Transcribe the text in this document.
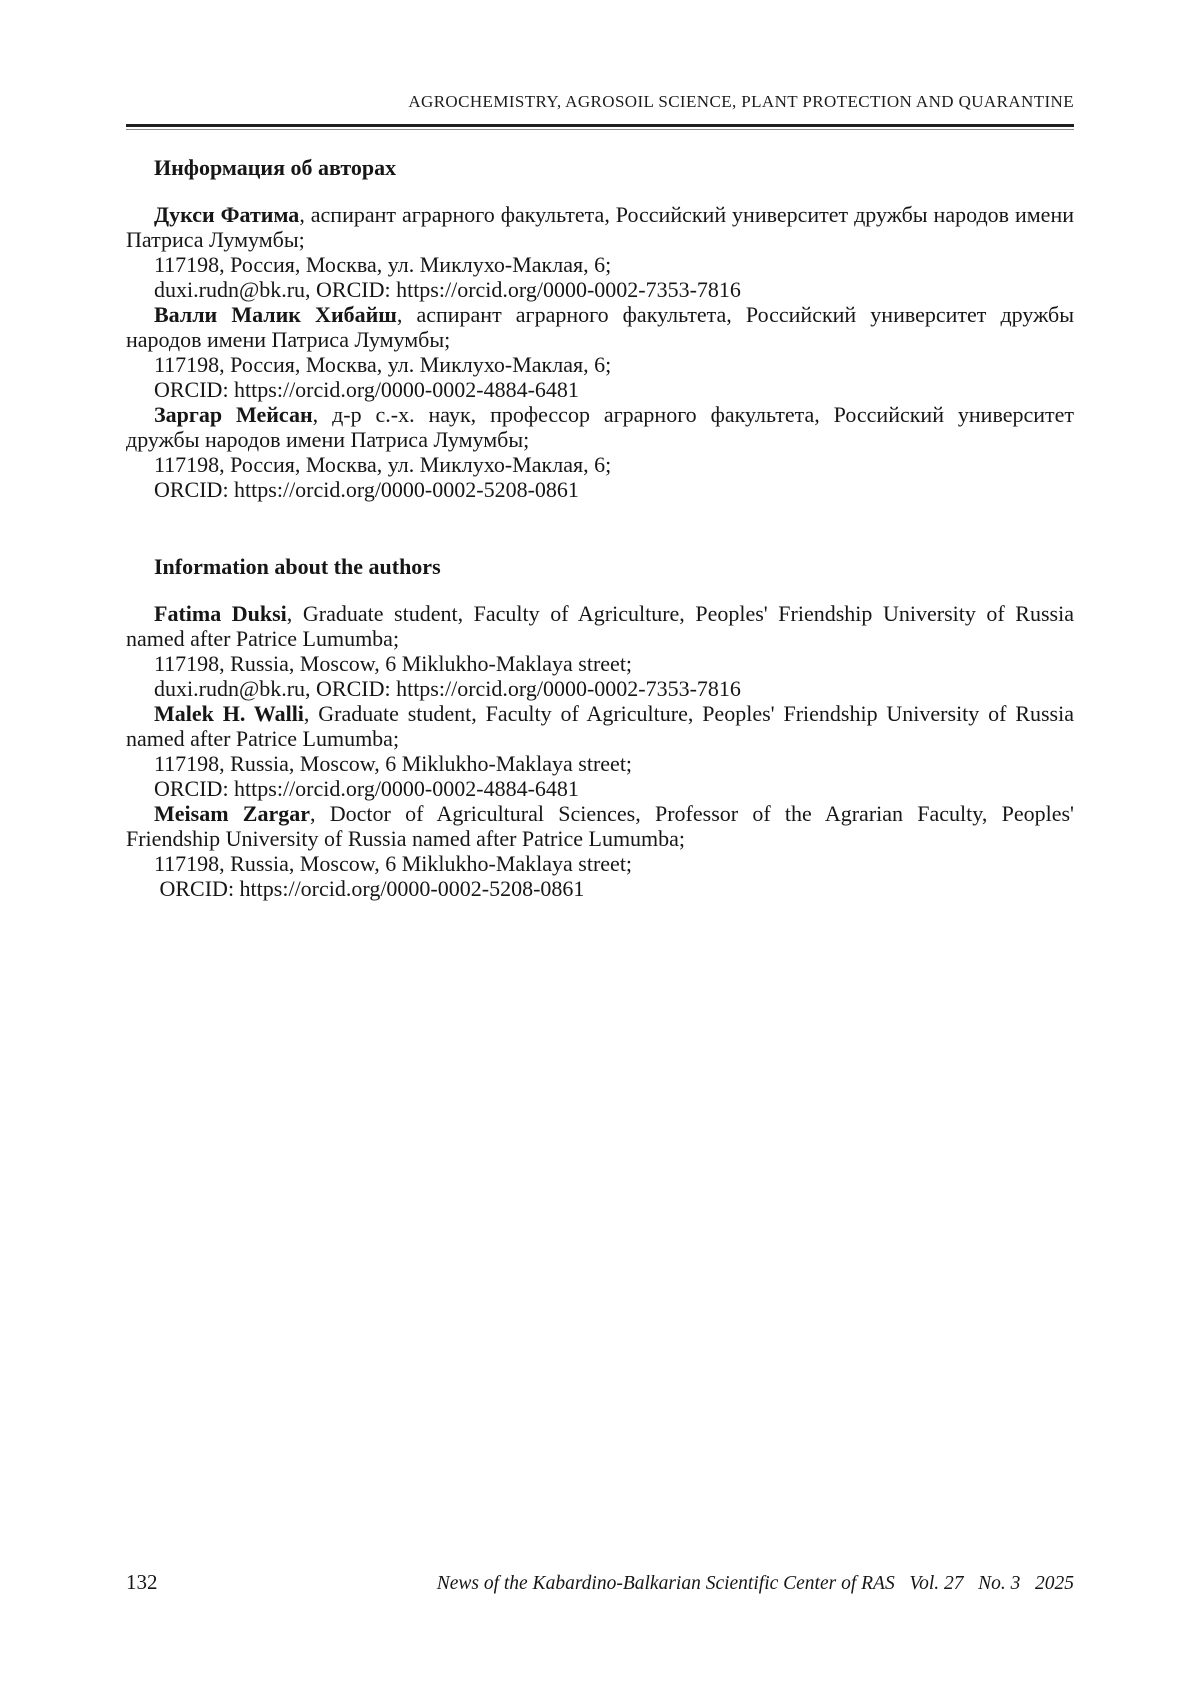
AGROCHEMISTRY, AGROSOIL SCIENCE, PLANT PROTECTION AND QUARANTINE
Информация об авторах

Дукси Фатима, аспирант аграрного факультета, Российский университет дружбы народов имени Патриса Лумумбы;

117198, Россия, Москва, ул. Миклухо-Маклая, 6;

duxi.rudn@bk.ru, ORCID: https://orcid.org/0000-0002-7353-7816

Валли Малик Хибайш, аспирант аграрного факультета, Российский университет дружбы народов имени Патриса Лумумбы;

117198, Россия, Москва, ул. Миклухо-Маклая, 6;

ORCID: https://orcid.org/0000-0002-4884-6481

Заргар Мейсан, д-р с.-х. наук, профессор аграрного факультета, Российский университет дружбы народов имени Патриса Лумумбы;

117198, Россия, Москва, ул. Миклухо-Маклая, 6;

ORCID: https://orcid.org/0000-0002-5208-0861

Information about the authors

Fatima Duksi, Graduate student, Faculty of Agriculture, Peoples' Friendship University of Russia named after Patrice Lumumba;

117198, Russia, Moscow, 6 Miklukho-Maklaya street;

duxi.rudn@bk.ru, ORCID: https://orcid.org/0000-0002-7353-7816

Malek H. Walli, Graduate student, Faculty of Agriculture, Peoples' Friendship University of Russia named after Patrice Lumumba;

117198, Russia, Moscow, 6 Miklukho-Maklaya street;

ORCID: https://orcid.org/0000-0002-4884-6481

Meisam Zargar, Doctor of Agricultural Sciences, Professor of the Agrarian Faculty, Peoples' Friendship University of Russia named after Patrice Lumumba;

117198, Russia, Moscow, 6 Miklukho-Maklaya street;

ORCID: https://orcid.org/0000-0002-5208-0861

132	News of the Kabardino-Balkarian Scientific Center of RAS   Vol. 27   No. 3   2025
